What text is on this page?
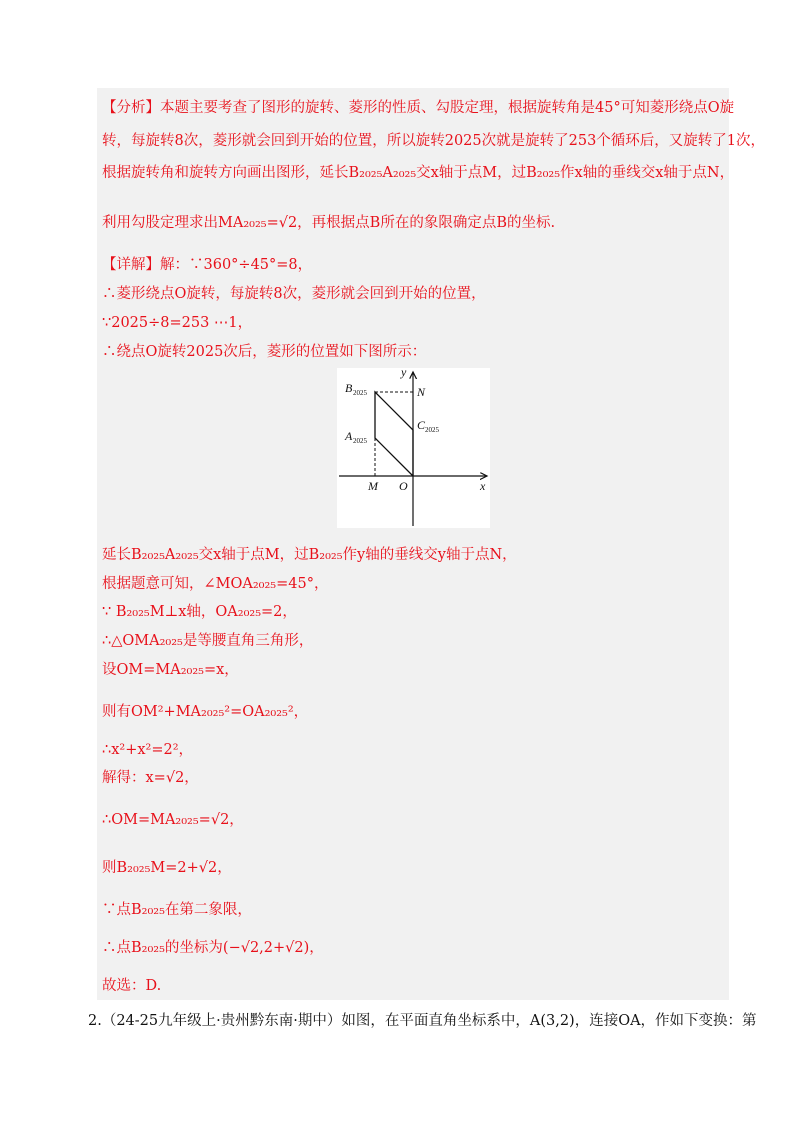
【分析】本题主要考查了图形的旋转、菱形的性质、勾股定理，根据旋转角是45°可知菱形绕点O旋
转，每旋转8次，菱形就会回到开始的位置，所以旋转2025次就是旋转了253个循环后，又旋转了1次，
根据旋转角和旋转方向画出图形，延长B₂₀₂₅A₂₀₂₅交x轴于点M，过B₂₀₂₅作x轴的垂线交x轴于点N，
利用勾股定理求出MA₂₀₂₅=√2，再根据点B所在的象限确定点B的坐标.
【详解】解：∵360°÷45°=8，
∴菱形绕点O旋转，每旋转8次，菱形就会回到开始的位置，
∵2025÷8=253 ⋯1，
∴绕点O旋转2025次后，菱形的位置如下图所示：
y
x
B 2025	N
C 2025
A 2025
M O
延长B₂₀₂₅A₂₀₂₅交x轴于点M，过B₂₀₂₅作y轴的垂线交y轴于点N，
根据题意可知，∠MOA₂₀₂₅=45°，
∵ B₂₀₂₅M⊥x轴，OA₂₀₂₅=2，
∴△OMA₂₀₂₅是等腰直角三角形，
设OM=MA₂₀₂₅=x，
则有OM²+MA₂₀₂₅²=OA₂₀₂₅²，
∴x²+x²=2²，
解得：x=√2，
∴OM=MA₂₀₂₅=√2，
则B₂₀₂₅M=2+√2，
∵点B₂₀₂₅在第二象限，
∴点B₂₀₂₅的坐标为(−√2,2+√2)，
故选：D.
2.（24-25九年级上·贵州黔东南·期中）如图，在平面直角坐标系中，A(3,2)，连接OA，作如下变换：第
